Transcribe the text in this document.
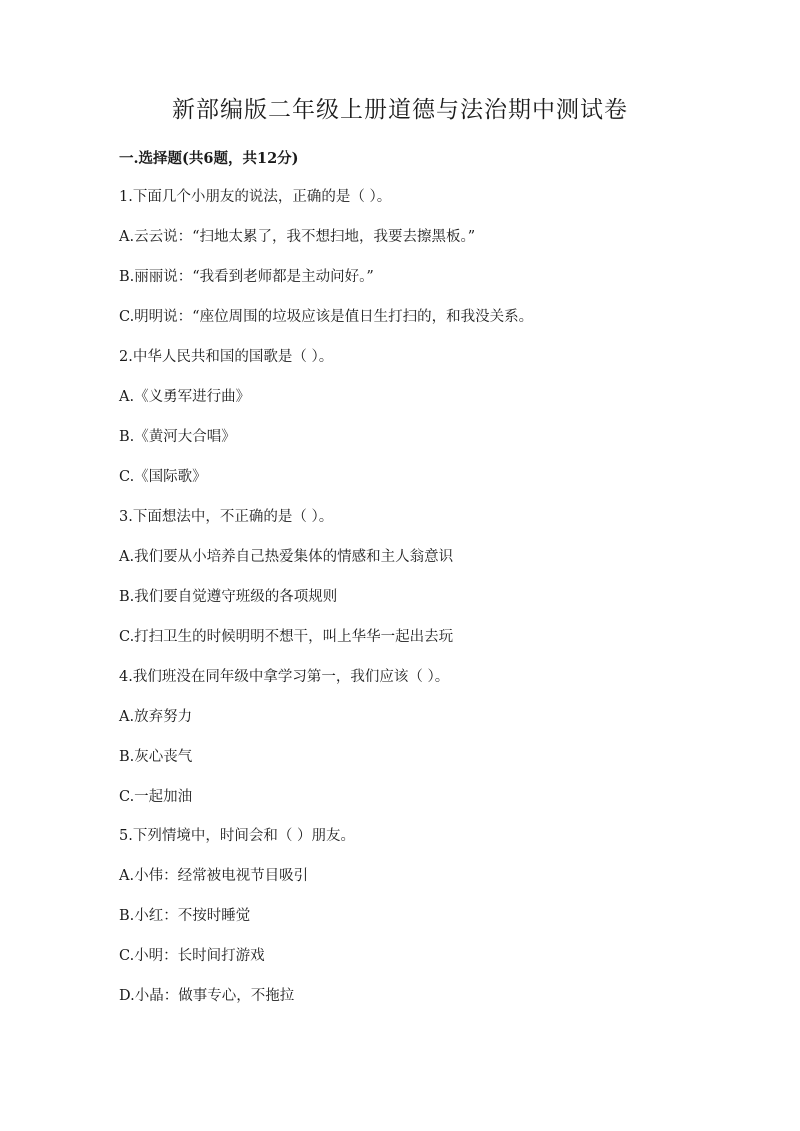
新部编版二年级上册道德与法治期中测试卷
一.选择题(共6题，共12分)
1.下面几个小朋友的说法，正确的是（ ）。
A.云云说：“扫地太累了，我不想扫地，我要去擦黑板。”
B.丽丽说：“我看到老师都是主动问好。”
C.明明说：“座位周围的垃圾应该是值日生打扫的，和我没关系。
2.中华人民共和国的国歌是（ ）。
A.《义勇军进行曲》
B.《黄河大合唱》
C.《国际歌》
3.下面想法中，不正确的是（ ）。
A.我们要从小培养自己热爱集体的情感和主人翁意识
B.我们要自觉遵守班级的各项规则
C.打扫卫生的时候明明不想干，叫上华华一起出去玩
4.我们班没在同年级中拿学习第一，我们应该（ ）。
A.放弃努力
B.灰心丧气
C.一起加油
5.下列情境中，时间会和（ ）朋友。
A.小伟：经常被电视节目吸引
B.小红：不按时睡觉
C.小明：长时间打游戏
D.小晶：做事专心，不拖拉
